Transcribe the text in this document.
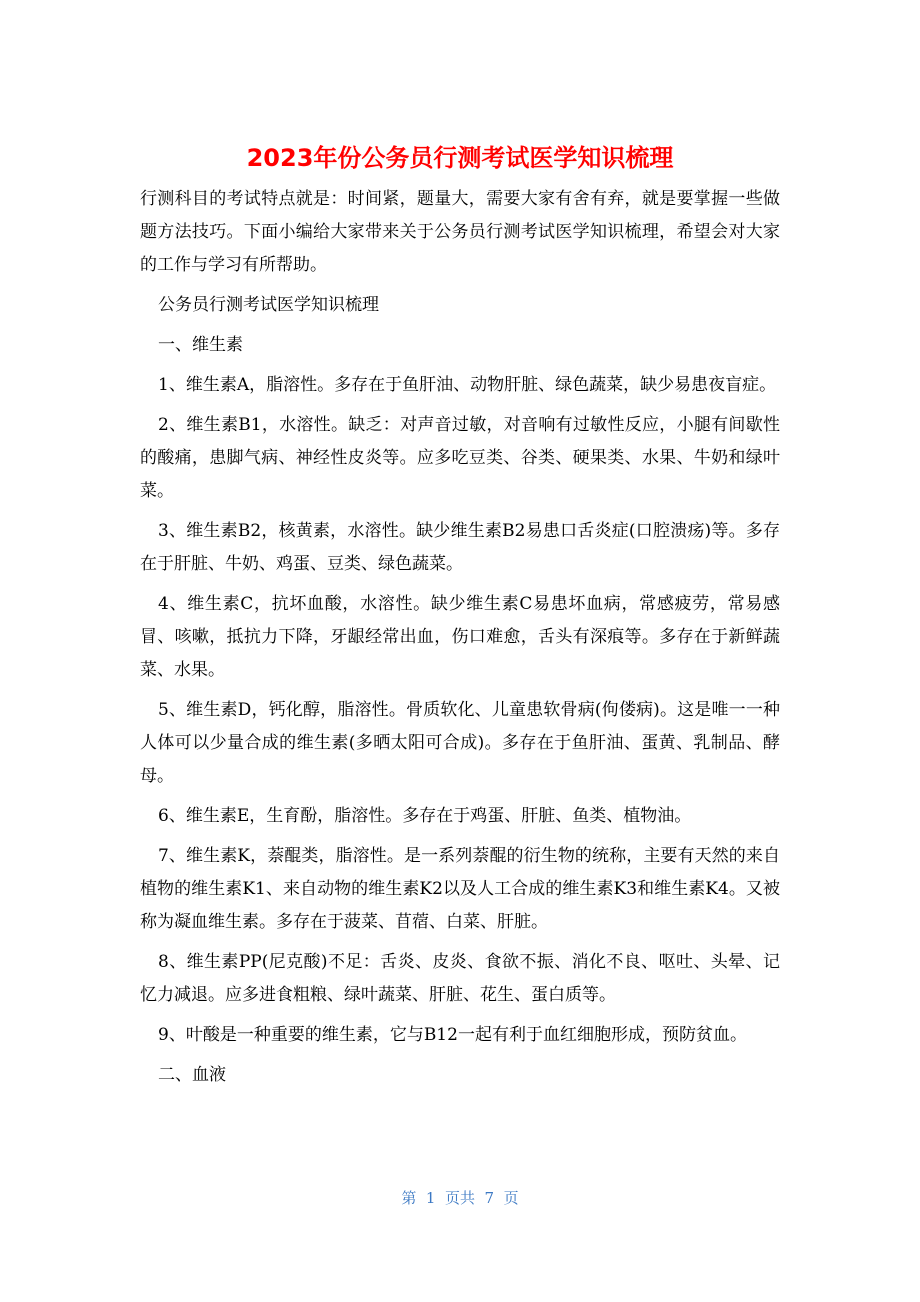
2023年份公务员行测考试医学知识梳理

行测科目的考试特点就是：时间紧，题量大，需要大家有舍有弃，就是要掌握一些做题方法技巧。下面小编给大家带来关于公务员行测考试医学知识梳理，希望会对大家的工作与学习有所帮助。

公务员行测考试医学知识梳理

一、维生素

1、维生素A，脂溶性。多存在于鱼肝油、动物肝脏、绿色蔬菜，缺少易患夜盲症。

2、维生素B1，水溶性。缺乏：对声音过敏，对音响有过敏性反应，小腿有间歇性的酸痛，患脚气病、神经性皮炎等。应多吃豆类、谷类、硬果类、水果、牛奶和绿叶菜。

3、维生素B2，核黄素，水溶性。缺少维生素B2易患口舌炎症(口腔溃疡)等。多存在于肝脏、牛奶、鸡蛋、豆类、绿色蔬菜。

4、维生素C，抗坏血酸，水溶性。缺少维生素C易患坏血病，常感疲劳，常易感冒、咳嗽，抵抗力下降，牙龈经常出血，伤口难愈，舌头有深痕等。多存在于新鲜蔬菜、水果。

5、维生素D，钙化醇，脂溶性。骨质软化、儿童患软骨病(佝偻病)。这是唯一一种人体可以少量合成的维生素(多晒太阳可合成)。多存在于鱼肝油、蛋黄、乳制品、酵母。

6、维生素E，生育酚，脂溶性。多存在于鸡蛋、肝脏、鱼类、植物油。

7、维生素K，萘醌类，脂溶性。是一系列萘醌的衍生物的统称，主要有天然的来自植物的维生素K1、来自动物的维生素K2以及人工合成的维生素K3和维生素K4。又被称为凝血维生素。多存在于菠菜、苜蓿、白菜、肝脏。

8、维生素PP(尼克酸)不足：舌炎、皮炎、食欲不振、消化不良、呕吐、头晕、记忆力减退。应多进食粗粮、绿叶蔬菜、肝脏、花生、蛋白质等。

9、叶酸是一种重要的维生素，它与B12一起有利于血红细胞形成，预防贫血。

二、血液

第  1  页共  7  页
